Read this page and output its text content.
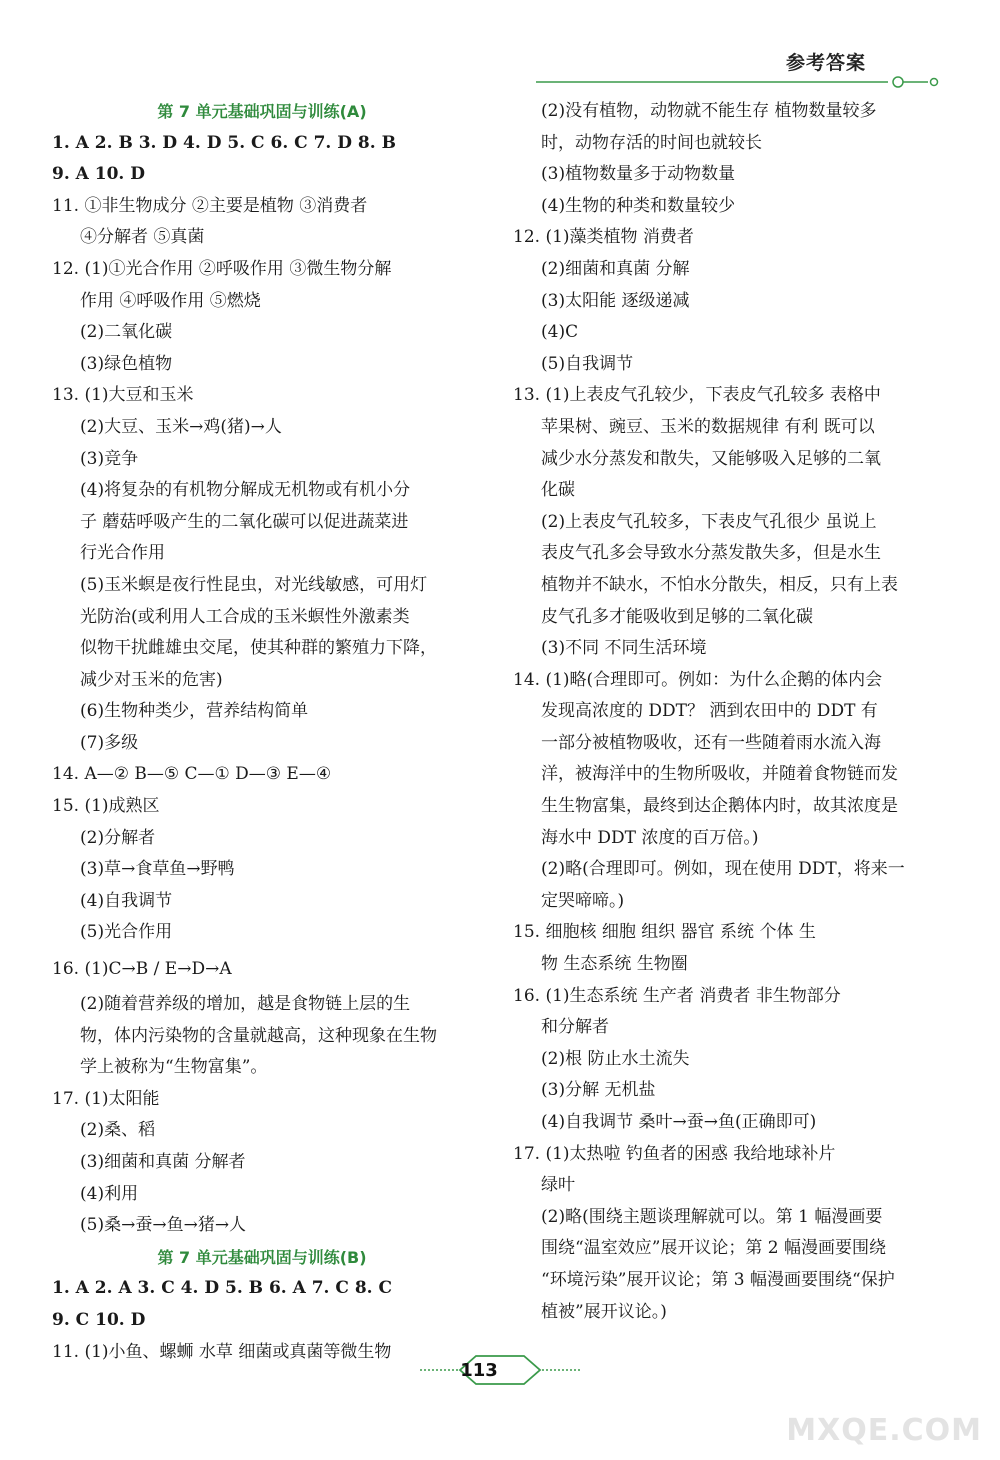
参考答案
第 7 单元基础巩固与训练(A)
1. A 2. B 3. D 4. D 5. C 6. C 7. D 8. B
9. A 10. D
11. ①非生物成分 ②主要是植物 ③消费者
④分解者 ⑤真菌
12. (1)①光合作用 ②呼吸作用 ③微生物分解
作用 ④呼吸作用 ⑤燃烧
(2)二氧化碳
(3)绿色植物
13. (1)大豆和玉米
(2)大豆、玉米→鸡(猪)→人
(3)竞争
(4)将复杂的有机物分解成无机物或有机小分
子 蘑菇呼吸产生的二氧化碳可以促进蔬菜进
行光合作用
(5)玉米螟是夜行性昆虫，对光线敏感，可用灯
光防治(或利用人工合成的玉米螟性外激素类
似物干扰雌雄虫交尾，使其种群的繁殖力下降，
减少对玉米的危害)
(6)生物种类少，营养结构简单
(7)多级
14. A—② B—⑤ C—① D—③ E—④
15. (1)成熟区
(2)分解者
(3)草→食草鱼→野鸭
(4)自我调节
(5)光合作用
16. (1)C→B / E→D→A
(2)随着营养级的增加，越是食物链上层的生
物，体内污染物的含量就越高，这种现象在生物
学上被称为“生物富集”。
17. (1)太阳能
(2)桑、稻
(3)细菌和真菌 分解者
(4)利用
(5)桑→蚕→鱼→猪→人
第 7 单元基础巩固与训练(B)
1. A 2. A 3. C 4. D 5. B 6. A 7. C 8. C
9. C 10. D
11. (1)小鱼、螺蛳 水草 细菌或真菌等微生物
(2)没有植物，动物就不能生存 植物数量较多
时，动物存活的时间也就较长
(3)植物数量多于动物数量
(4)生物的种类和数量较少
12. (1)藻类植物 消费者
(2)细菌和真菌 分解
(3)太阳能 逐级递减
(4)C
(5)自我调节
13. (1)上表皮气孔较少，下表皮气孔较多 表格中
苹果树、豌豆、玉米的数据规律 有利 既可以
减少水分蒸发和散失，又能够吸入足够的二氧
化碳
(2)上表皮气孔较多，下表皮气孔很少 虽说上
表皮气孔多会导致水分蒸发散失多，但是水生
植物并不缺水，不怕水分散失，相反，只有上表
皮气孔多才能吸收到足够的二氧化碳
(3)不同 不同生活环境
14. (1)略(合理即可。例如：为什么企鹅的体内会
发现高浓度的 DDT？ 洒到农田中的 DDT 有
一部分被植物吸收，还有一些随着雨水流入海
洋，被海洋中的生物所吸收，并随着食物链而发
生生物富集，最终到达企鹅体内时，故其浓度是
海水中 DDT 浓度的百万倍。)
(2)略(合理即可。例如，现在使用 DDT，将来一
定哭啼啼。)
15. 细胞核 细胞 组织 器官 系统 个体 生
物 生态系统 生物圈
16. (1)生态系统 生产者 消费者 非生物部分
和分解者
(2)根 防止水土流失
(3)分解 无机盐
(4)自我调节 桑叶→蚕→鱼(正确即可)
17. (1)太热啦 钓鱼者的困惑 我给地球补片
绿叶
(2)略(围绕主题谈理解就可以。第 1 幅漫画要
围绕“温室效应”展开议论；第 2 幅漫画要围绕
“环境污染”展开议论；第 3 幅漫画要围绕“保护
植被”展开议论。)
113
MXQE.COM
